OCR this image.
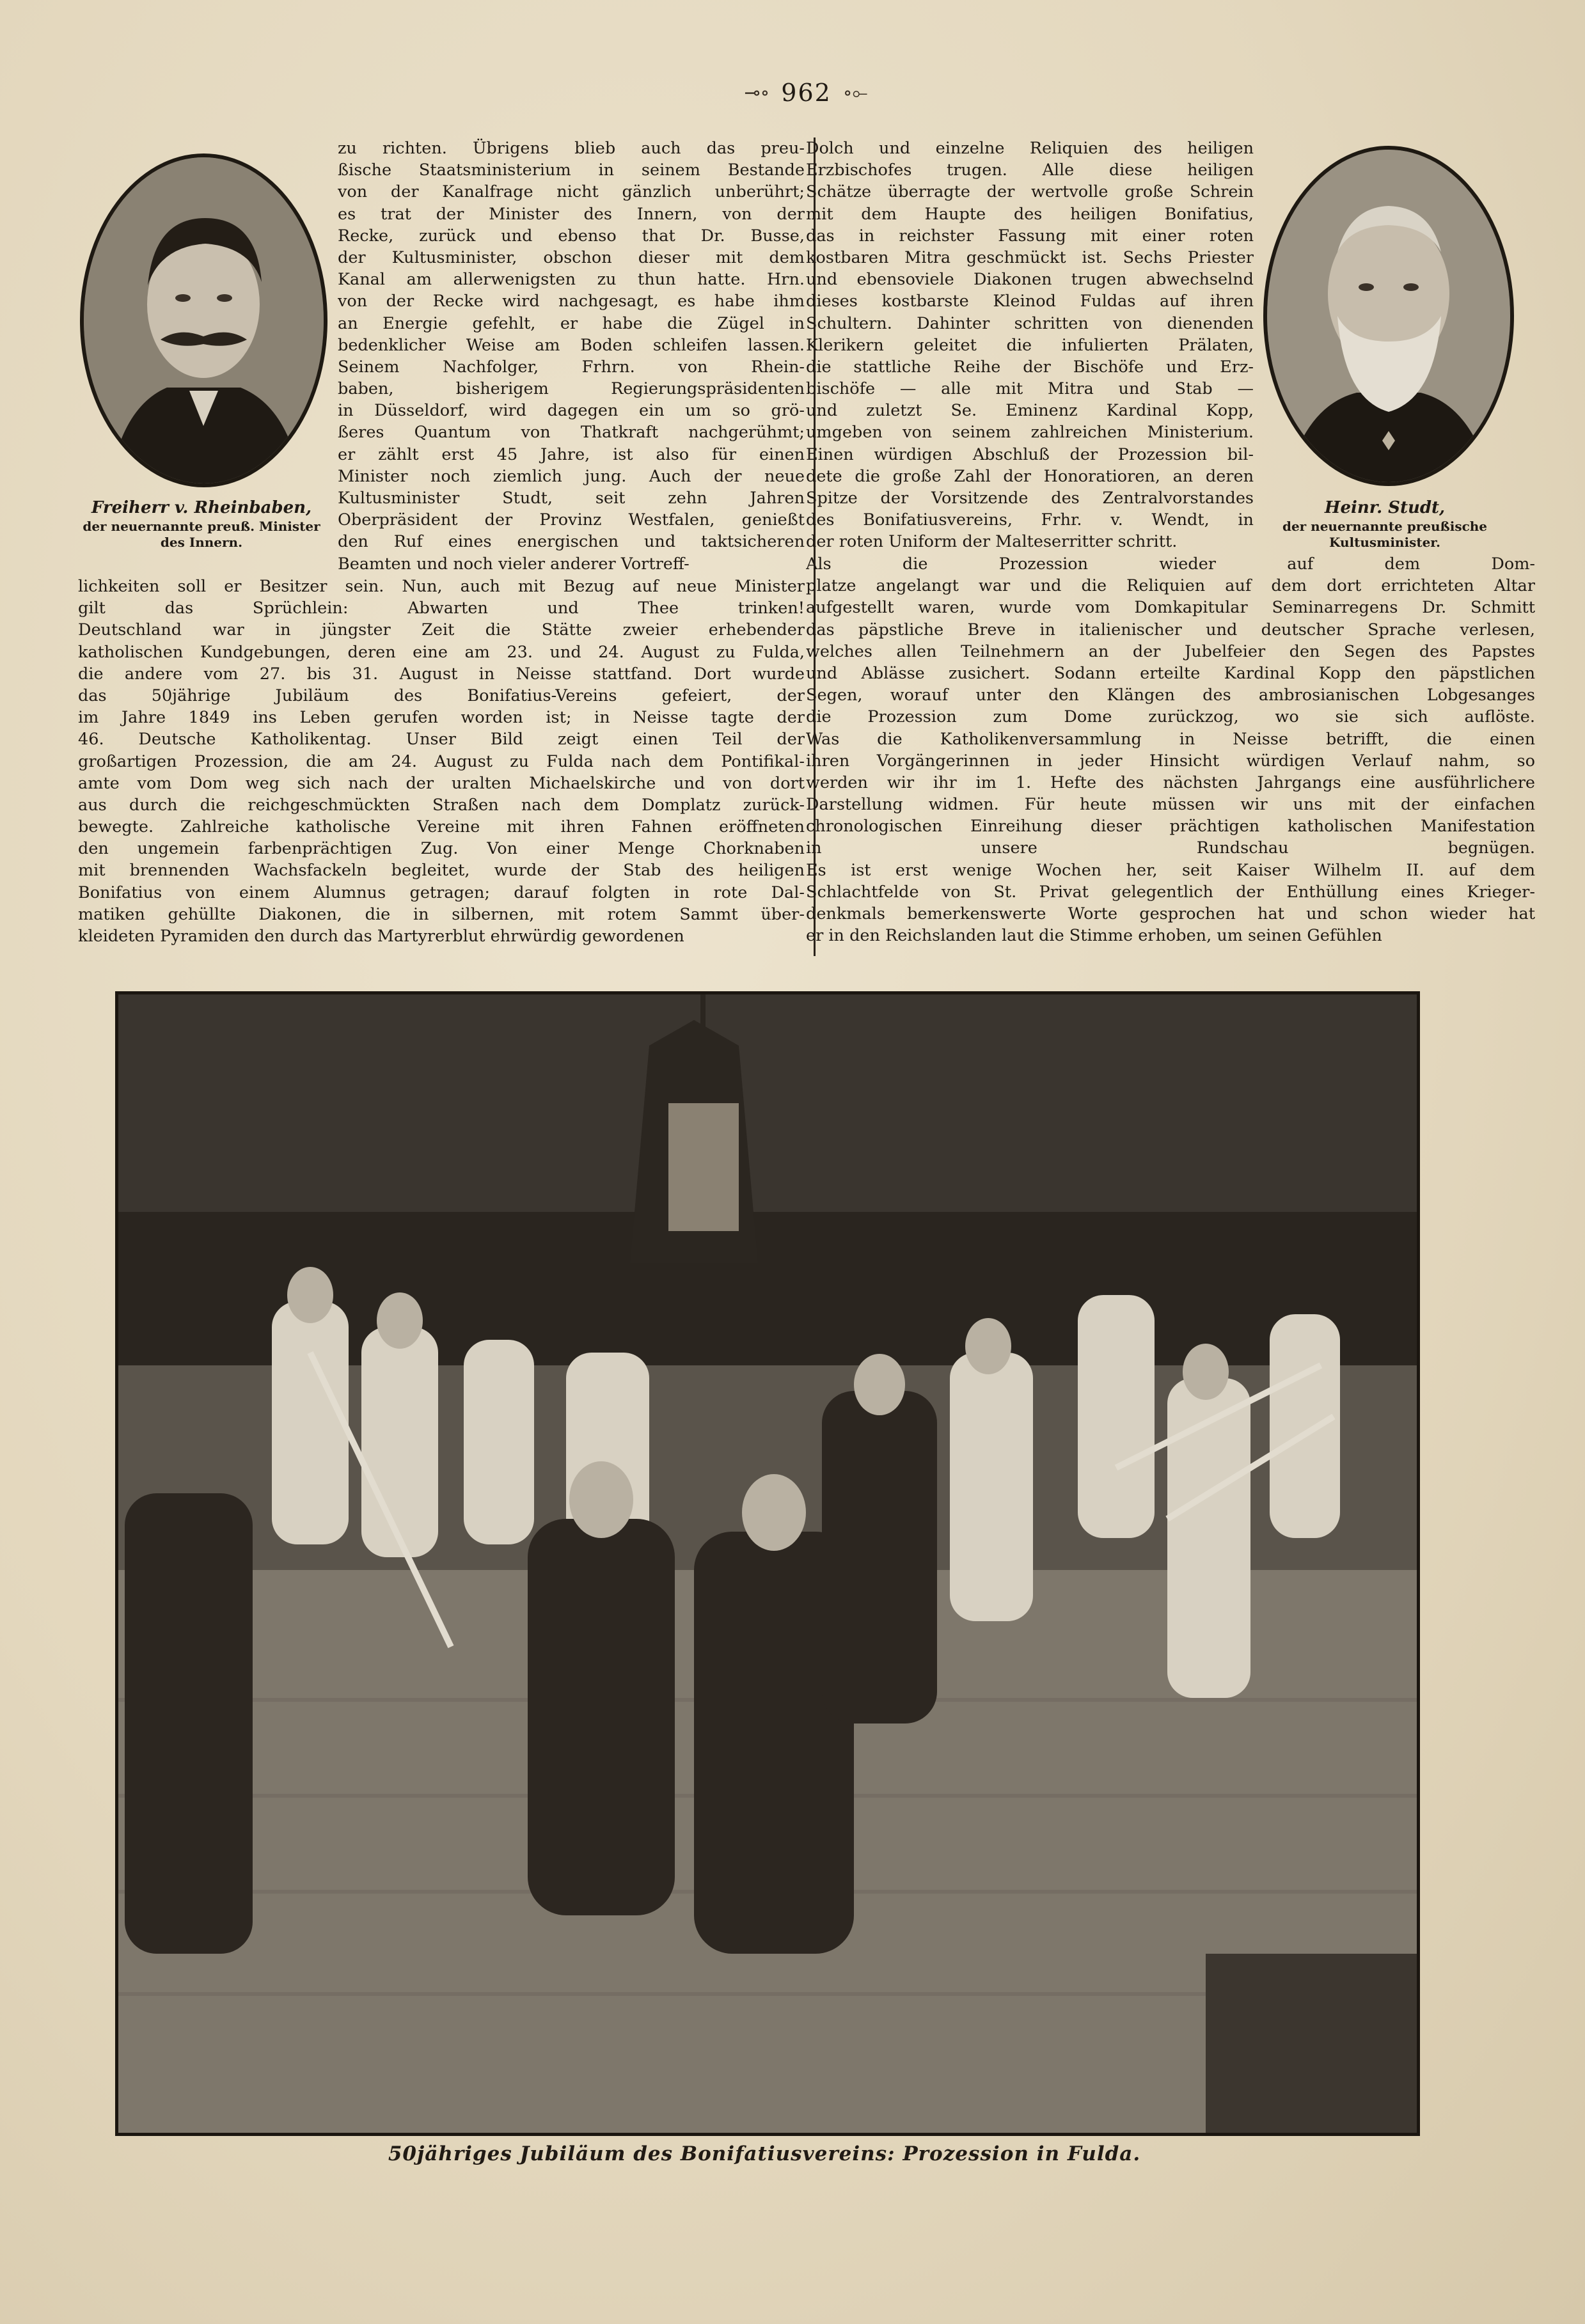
⊸∘ 962 ∘⟜
Freiherr v. Rheinbaben,
der neuernannte preuß. Minister
des Innern.
Heinr. Studt,
der neuernannte preußische
Kultusminister.
zu richten. Übrigens blieb auch das preu-
ßische Staatsministerium in seinem Bestande
von der Kanalfrage nicht gänzlich unberührt;
es trat der Minister des Innern, von der
Recke, zurück und ebenso that Dr. Busse,
der Kultusminister, obschon dieser mit dem
Kanal am allerwenigsten zu thun hatte. Hrn.
von der Recke wird nachgesagt, es habe ihm
an Energie gefehlt, er habe die Zügel in
bedenklicher Weise am Boden schleifen lassen.
Seinem Nachfolger, Frhrn. von Rhein-
baben, bisherigem Regierungspräsidenten
in Düsseldorf, wird dagegen ein um so grö-
ßeres Quantum von Thatkraft nachgerühmt;
er zählt erst 45 Jahre, ist also für einen
Minister noch ziemlich jung. Auch der neue
Kultusminister Studt, seit zehn Jahren
Oberpräsident der Provinz Westfalen, genießt
den Ruf eines energischen und taktsicheren
Beamten und noch vieler anderer Vortreff-
lichkeiten soll er Besitzer sein. Nun, auch mit Bezug auf neue Minister
gilt das Sprüchlein: Abwarten und Thee trinken!
Deutschland war in jüngster Zeit die Stätte zweier erhebender
katholischen Kundgebungen, deren eine am 23. und 24. August zu Fulda,
die andere vom 27. bis 31. August in Neisse stattfand. Dort wurde
das 50jährige Jubiläum des Bonifatius-Vereins gefeiert, der
im Jahre 1849 ins Leben gerufen worden ist; in Neisse tagte der
46. Deutsche Katholikentag. Unser Bild zeigt einen Teil der
großartigen Prozession, die am 24. August zu Fulda nach dem Pontifikal-
amte vom Dom weg sich nach der uralten Michaelskirche und von dort
aus durch die reichgeschmückten Straßen nach dem Domplatz zurück-
bewegte. Zahlreiche katholische Vereine mit ihren Fahnen eröffneten
den ungemein farbenprächtigen Zug. Von einer Menge Chorknaben
mit brennenden Wachsfackeln begleitet, wurde der Stab des heiligen
Bonifatius von einem Alumnus getragen; darauf folgten in rote Dal-
matiken gehüllte Diakonen, die in silbernen, mit rotem Sammt über-
kleideten Pyramiden den durch das Martyrerblut ehrwürdig gewordenen
Dolch und einzelne Reliquien des heiligen
Erzbischofes trugen. Alle diese heiligen
Schätze überragte der wertvolle große Schrein
mit dem Haupte des heiligen Bonifatius,
das in reichster Fassung mit einer roten
kostbaren Mitra geschmückt ist. Sechs Priester
und ebensoviele Diakonen trugen abwechselnd
dieses kostbarste Kleinod Fuldas auf ihren
Schultern. Dahinter schritten von dienenden
Klerikern geleitet die infulierten Prälaten,
die stattliche Reihe der Bischöfe und Erz-
bischöfe — alle mit Mitra und Stab —
und zuletzt Se. Eminenz Kardinal Kopp,
umgeben von seinem zahlreichen Ministerium.
Einen würdigen Abschluß der Prozession bil-
dete die große Zahl der Honoratioren, an deren
Spitze der Vorsitzende des Zentralvorstandes
des Bonifatiusvereins, Frhr. v. Wendt, in
der roten Uniform der Malteserritter schritt.
Als die Prozession wieder auf dem Dom-
platze angelangt war und die Reliquien auf dem dort errichteten Altar
aufgestellt waren, wurde vom Domkapitular Seminarregens Dr. Schmitt
das päpstliche Breve in italienischer und deutscher Sprache verlesen,
welches allen Teilnehmern an der Jubelfeier den Segen des Papstes
und Ablässe zusichert. Sodann erteilte Kardinal Kopp den päpstlichen
Segen, worauf unter den Klängen des ambrosianischen Lobgesanges
die Prozession zum Dome zurückzog, wo sie sich auflöste.
Was die Katholikenversammlung in Neisse betrifft, die einen
ihren Vorgängerinnen in jeder Hinsicht würdigen Verlauf nahm, so
werden wir ihr im 1. Hefte des nächsten Jahrgangs eine ausführlichere
Darstellung widmen. Für heute müssen wir uns mit der einfachen
chronologischen Einreihung dieser prächtigen katholischen Manifestation
in unsere Rundschau begnügen.
Es ist erst wenige Wochen her, seit Kaiser Wilhelm II. auf dem
Schlachtfelde von St. Privat gelegentlich der Enthüllung eines Krieger-
denkmals bemerkenswerte Worte gesprochen hat und schon wieder hat
er in den Reichslanden laut die Stimme erhoben, um seinen Gefühlen
50jähriges Jubiläum des Bonifatiusvereins: Prozession in Fulda.
